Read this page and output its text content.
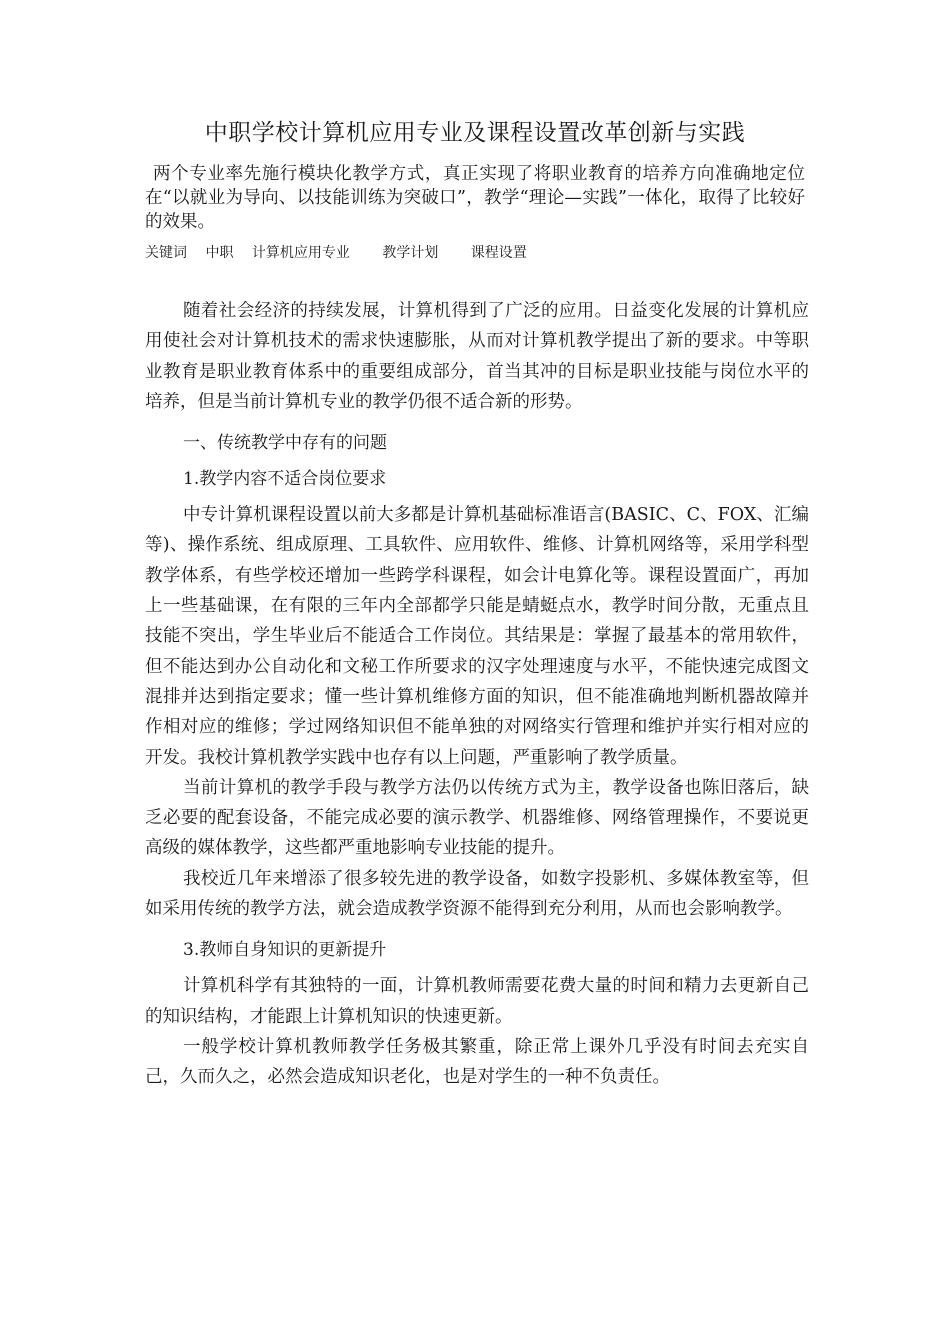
中职学校计算机应用专业及课程设置改革创新与实践

两个专业率先施行模块化教学方式，真正实现了将职业教育的培养方向准确地定位在“以就业为导向、以技能训练为突破口”，教学“理论—实践”一体化，取得了比较好的效果。

关键词　 中职　 计算机应用专业　 　教学计划　 　课程设置

随着社会经济的持续发展，计算机得到了广泛的应用。日益变化发展的计算机应用使社会对计算机技术的需求快速膨胀，从而对计算机教学提出了新的要求。中等职业教育是职业教育体系中的重要组成部分，首当其冲的目标是职业技能与岗位水平的培养，但是当前计算机专业的教学仍很不适合新的形势。

一、传统教学中存有的问题

1.教学内容不适合岗位要求

中专计算机课程设置以前大多都是计算机基础标准语言(BASIC、C、FOX、汇编等)、操作系统、组成原理、工具软件、应用软件、维修、计算机网络等，采用学科型教学体系，有些学校还增加一些跨学科课程，如会计电算化等。课程设置面广，再加上一些基础课，在有限的三年内全部都学只能是蜻蜓点水，教学时间分散，无重点且技能不突出，学生毕业后不能适合工作岗位。其结果是：掌握了最基本的常用软件，但不能达到办公自动化和文秘工作所要求的汉字处理速度与水平，不能快速完成图文混排并达到指定要求；懂一些计算机维修方面的知识，但不能准确地判断机器故障并作相对应的维修；学过网络知识但不能单独的对网络实行管理和维护并实行相对应的开发。我校计算机教学实践中也存有以上问题，严重影响了教学质量。

当前计算机的教学手段与教学方法仍以传统方式为主，教学设备也陈旧落后，缺乏必要的配套设备，不能完成必要的演示教学、机器维修、网络管理操作，不要说更高级的媒体教学，这些都严重地影响专业技能的提升。

我校近几年来增添了很多较先进的教学设备，如数字投影机、多媒体教室等，但如采用传统的教学方法，就会造成教学资源不能得到充分利用，从而也会影响教学。

3.教师自身知识的更新提升

计算机科学有其独特的一面，计算机教师需要花费大量的时间和精力去更新自己的知识结构，才能跟上计算机知识的快速更新。

一般学校计算机教师教学任务极其繁重，除正常上课外几乎没有时间去充实自己，久而久之，必然会造成知识老化，也是对学生的一种不负责任。
